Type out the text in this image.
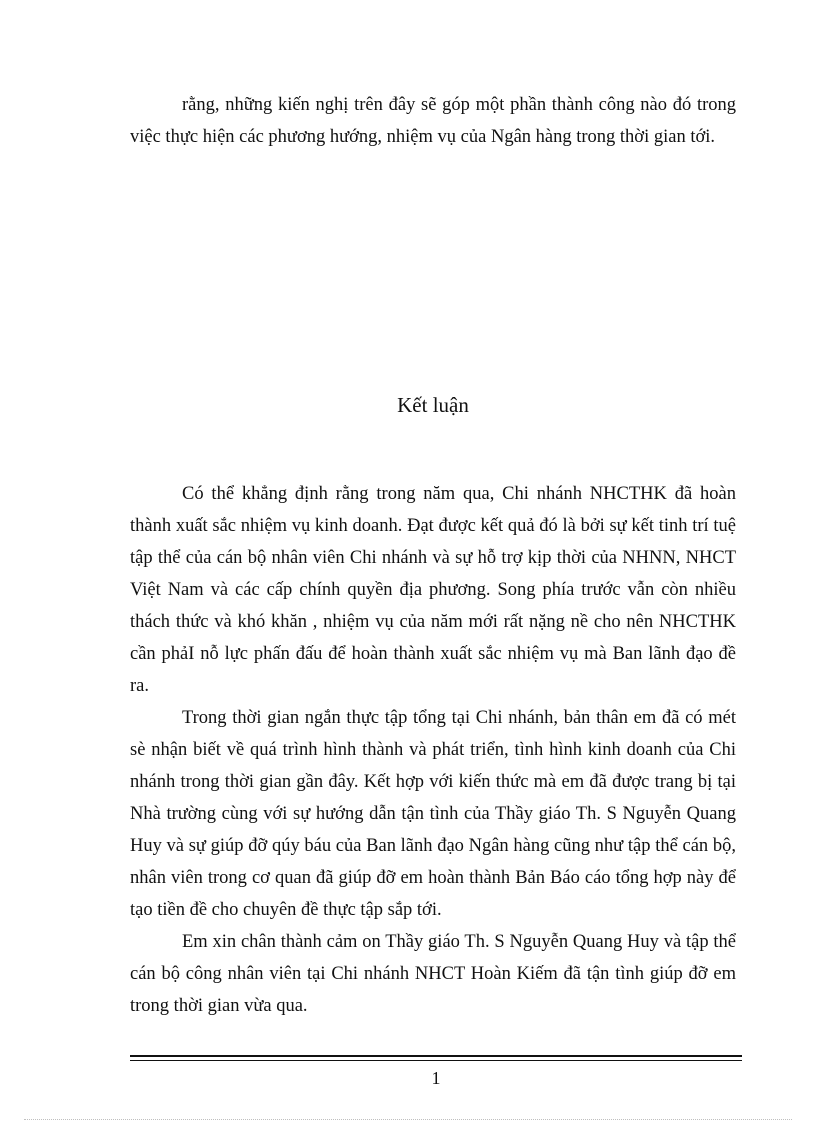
rằng, những kiến nghị trên đây sẽ góp một phần thành công nào đó trong việc thực hiện các phương hướng, nhiệm vụ của Ngân hàng trong thời gian tới.

Kết luận

Có thể khẳng định rằng trong năm qua, Chi nhánh NHCTHK đã hoàn thành xuất sắc nhiệm vụ kinh doanh. Đạt được kết quả đó là bởi sự kết tinh trí tuệ tập thể của cán bộ nhân viên Chi nhánh và sự hỗ trợ kịp thời của NHNN, NHCT Việt Nam và các cấp chính quyền địa phương. Song phía trước vẫn còn nhiều thách thức và khó khăn , nhiệm vụ của năm mới rất nặng nề cho nên NHCTHK cần phảI nỗ lực phấn đấu để hoàn thành xuất sắc nhiệm vụ mà Ban lãnh đạo đề ra.

Trong thời gian ngắn thực tập tổng tại Chi nhánh, bản thân em đã có mét sè nhận biết về quá trình hình thành và phát triển, tình hình kinh doanh của Chi nhánh trong thời gian gần đây. Kết hợp với kiến thức mà em đã được trang bị tại Nhà trường cùng với sự hướng dẫn tận tình của Thầy giáo Th. S Nguyễn Quang Huy và sự giúp đỡ qúy báu của Ban lãnh đạo Ngân hàng cũng như tập thể cán bộ, nhân viên trong cơ quan đã giúp đỡ em hoàn thành Bản Báo cáo tổng hợp này để tạo tiền đề cho chuyên đề thực tập sắp tới.

Em xin chân thành cảm on Thầy giáo Th. S Nguyễn Quang Huy và tập thể cán bộ công nhân viên tại Chi nhánh NHCT Hoàn Kiếm đã tận tình giúp đỡ em trong thời gian vừa qua.

1
